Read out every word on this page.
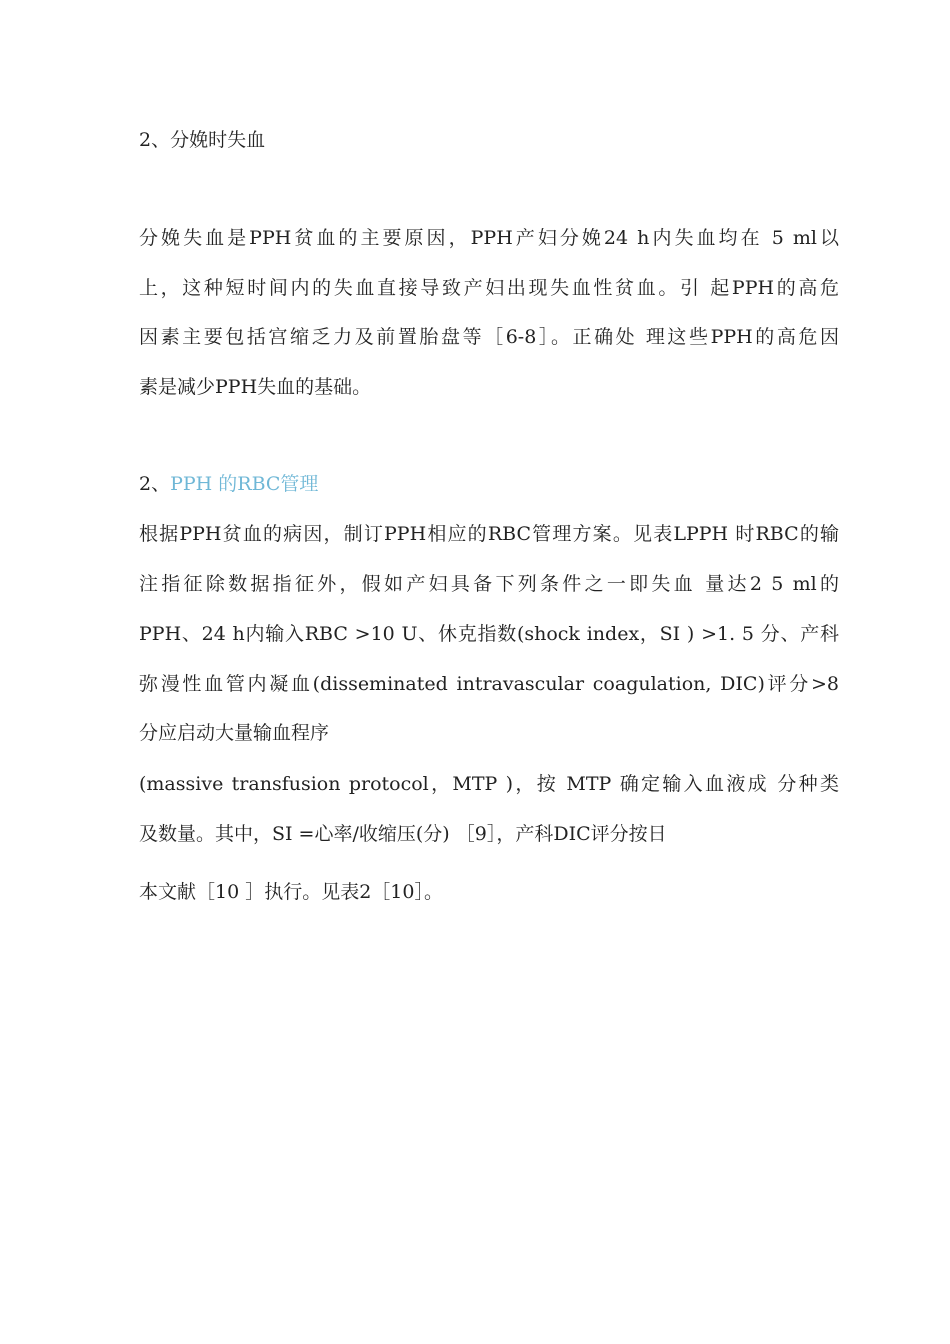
2、分娩时失血
分娩失血是PPH贫血的主要原因，PPH产妇分娩24 h内失血均在 5 ml以
上，这种短时间内的失血直接导致产妇出现失血性贫血。引 起PPH的高危
因素主要包括宫缩乏力及前置胎盘等［6-8］。正确处 理这些PPH的高危因
素是减少PPH失血的基础。
2、PPH 的RBC管理
根据PPH贫血的病因，制订PPH相应的RBC管理方案。见表LPPH 时RBC的输
注指征除数据指征外，假如产妇具备下列条件之一即失血 量达2 5 ml的
PPH、24 h内输入RBC >10 U、休克指数(shock index，SI ) >1. 5 分、产科
弥漫性血管内凝血(disseminated intravascular coagulation, DIC)评分>8
分应启动大量输血程序
(massive transfusion protocol，MTP )，按 MTP 确定输入血液成 分种类
及数量。其中，SI =心率/收缩压(分) ［9］，产科DIC评分按日
本文献［10 ］执行。见表2［10］。
